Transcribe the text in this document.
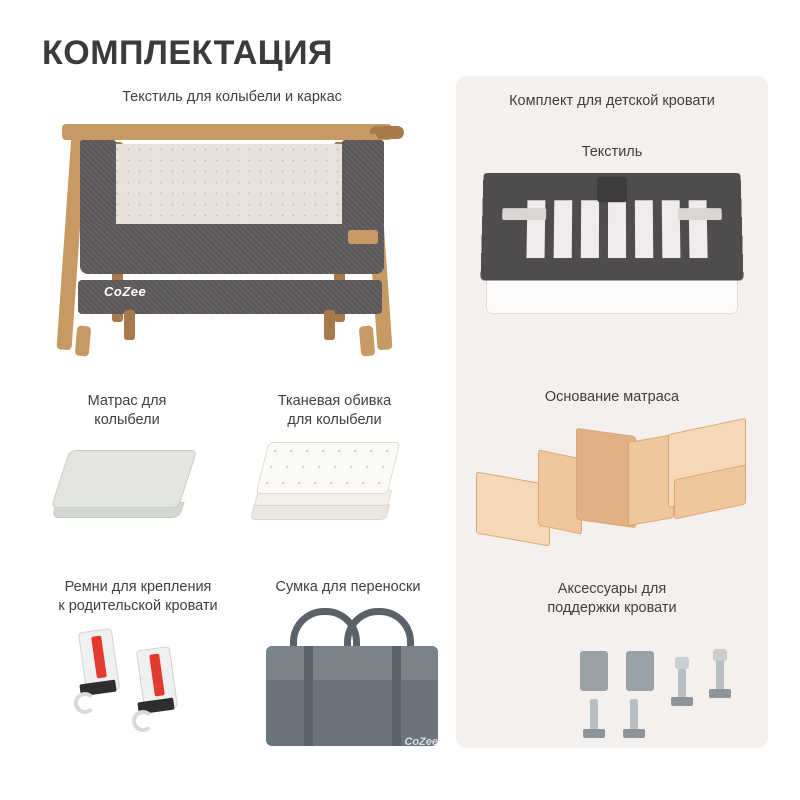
КОМПЛЕКТАЦИЯ
Текстиль для колыбели и каркас
CoZee
Матрас для
колыбели
Тканевая обивка
для колыбели
Ремни для крепления
к родительской кровати
Сумка для переноски
CoZee
Комплект для детской кровати
Текстиль
Основание матраса
Аксессуары для
поддержки кровати
